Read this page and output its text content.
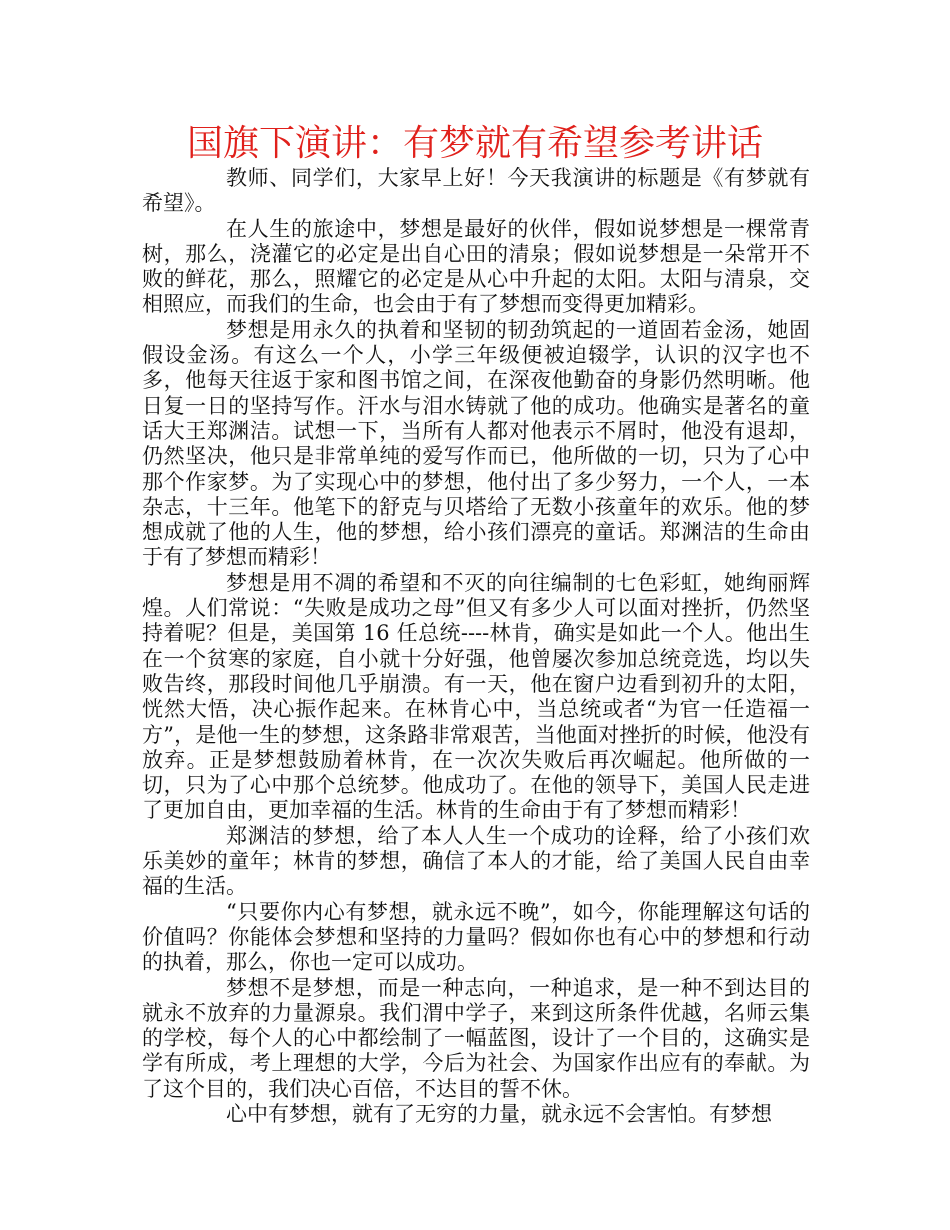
国旗下演讲：有梦就有希望参考讲话

教师、同学们，大家早上好！今天我演讲的标题是《有梦就有希望》。

在人生的旅途中，梦想是最好的伙伴，假如说梦想是一棵常青树，那么，浇灌它的必定是出自心田的清泉；假如说梦想是一朵常开不败的鲜花，那么，照耀它的必定是从心中升起的太阳。太阳与清泉，交相照应，而我们的生命，也会由于有了梦想而变得更加精彩。

梦想是用永久的执着和坚韧的韧劲筑起的一道固若金汤，她固假设金汤。有这么一个人，小学三年级便被迫辍学，认识的汉字也不多，他每天往返于家和图书馆之间，在深夜他勤奋的身影仍然明晰。他日复一日的坚持写作。汗水与泪水铸就了他的成功。他确实是著名的童话大王郑渊洁。试想一下，当所有人都对他表示不屑时，他没有退却，仍然坚决，他只是非常单纯的爱写作而已，他所做的一切，只为了心中那个作家梦。为了实现心中的梦想，他付出了多少努力，一个人，一本杂志，十三年。他笔下的舒克与贝塔给了无数小孩童年的欢乐。他的梦想成就了他的人生，他的梦想，给小孩们漂亮的童话。郑渊洁的生命由于有了梦想而精彩！

梦想是用不凋的希望和不灭的向往编制的七色彩虹，她绚丽辉煌。人们常说：“失败是成功之母”但又有多少人可以面对挫折，仍然坚持着呢？但是，美国第 16 任总统----林肯，确实是如此一个人。他出生在一个贫寒的家庭，自小就十分好强，他曾屡次参加总统竞选，均以失败告终，那段时间他几乎崩溃。有一天，他在窗户边看到初升的太阳，恍然大悟，决心振作起来。在林肯心中，当总统或者“为官一任造福一方”，是他一生的梦想，这条路非常艰苦，当他面对挫折的时候，他没有放弃。正是梦想鼓励着林肯，在一次次失败后再次崛起。他所做的一切，只为了心中那个总统梦。他成功了。在他的领导下，美国人民走进了更加自由，更加幸福的生活。林肯的生命由于有了梦想而精彩！

郑渊洁的梦想，给了本人人生一个成功的诠释，给了小孩们欢乐美妙的童年；林肯的梦想，确信了本人的才能，给了美国人民自由幸福的生活。

“只要你内心有梦想，就永远不晚”，如今，你能理解这句话的价值吗？你能体会梦想和坚持的力量吗？假如你也有心中的梦想和行动的执着，那么，你也一定可以成功。

梦想不是梦想，而是一种志向，一种追求，是一种不到达目的就永不放弃的力量源泉。我们渭中学子，来到这所条件优越，名师云集的学校，每个人的心中都绘制了一幅蓝图，设计了一个目的，这确实是学有所成，考上理想的大学，今后为社会、为国家作出应有的奉献。为了这个目的，我们决心百倍，不达目的誓不休。

心中有梦想，就有了无穷的力量，就永远不会害怕。有梦想
